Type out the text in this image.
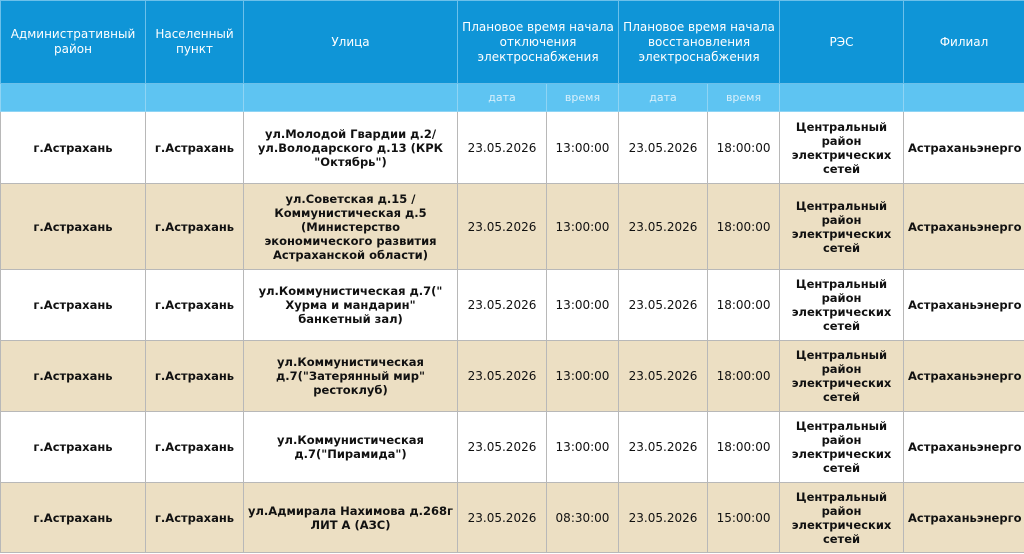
Административный район	Населенный пункт	Улица	Плановое время начала отключения электроснабжения		Плановое время начала восстановления электроснабжения		РЭС	Филиал
			дата	время	дата	время		
г.Астрахань	г.Астрахань	ул.Молодой Гвардии д.2/ ул.Володарского д.13 (КРК "Октябрь")	23.05.2026	13:00:00	23.05.2026	18:00:00	Центральный район электрических сетей	Астраханьэнерго
г.Астрахань	г.Астрахань	ул.Советская д.15 / Коммунистическая д.5 (Министерство экономического развития Астраханской области)	23.05.2026	13:00:00	23.05.2026	18:00:00	Центральный район электрических сетей	Астраханьэнерго
г.Астрахань	г.Астрахань	ул.Коммунистическая д.7(" Хурма и мандарин" банкетный зал)	23.05.2026	13:00:00	23.05.2026	18:00:00	Центральный район электрических сетей	Астраханьэнерго
г.Астрахань	г.Астрахань	ул.Коммунистическая д.7("Затерянный мир" рестоклуб)	23.05.2026	13:00:00	23.05.2026	18:00:00	Центральный район электрических сетей	Астраханьэнерго
г.Астрахань	г.Астрахань	ул.Коммунистическая д.7("Пирамида")	23.05.2026	13:00:00	23.05.2026	18:00:00	Центральный район электрических сетей	Астраханьэнерго
г.Астрахань	г.Астрахань	ул.Адмирала Нахимова д.268г ЛИТ А (АЗС)	23.05.2026	08:30:00	23.05.2026	15:00:00	Центральный район электрических сетей	Астраханьэнерго
